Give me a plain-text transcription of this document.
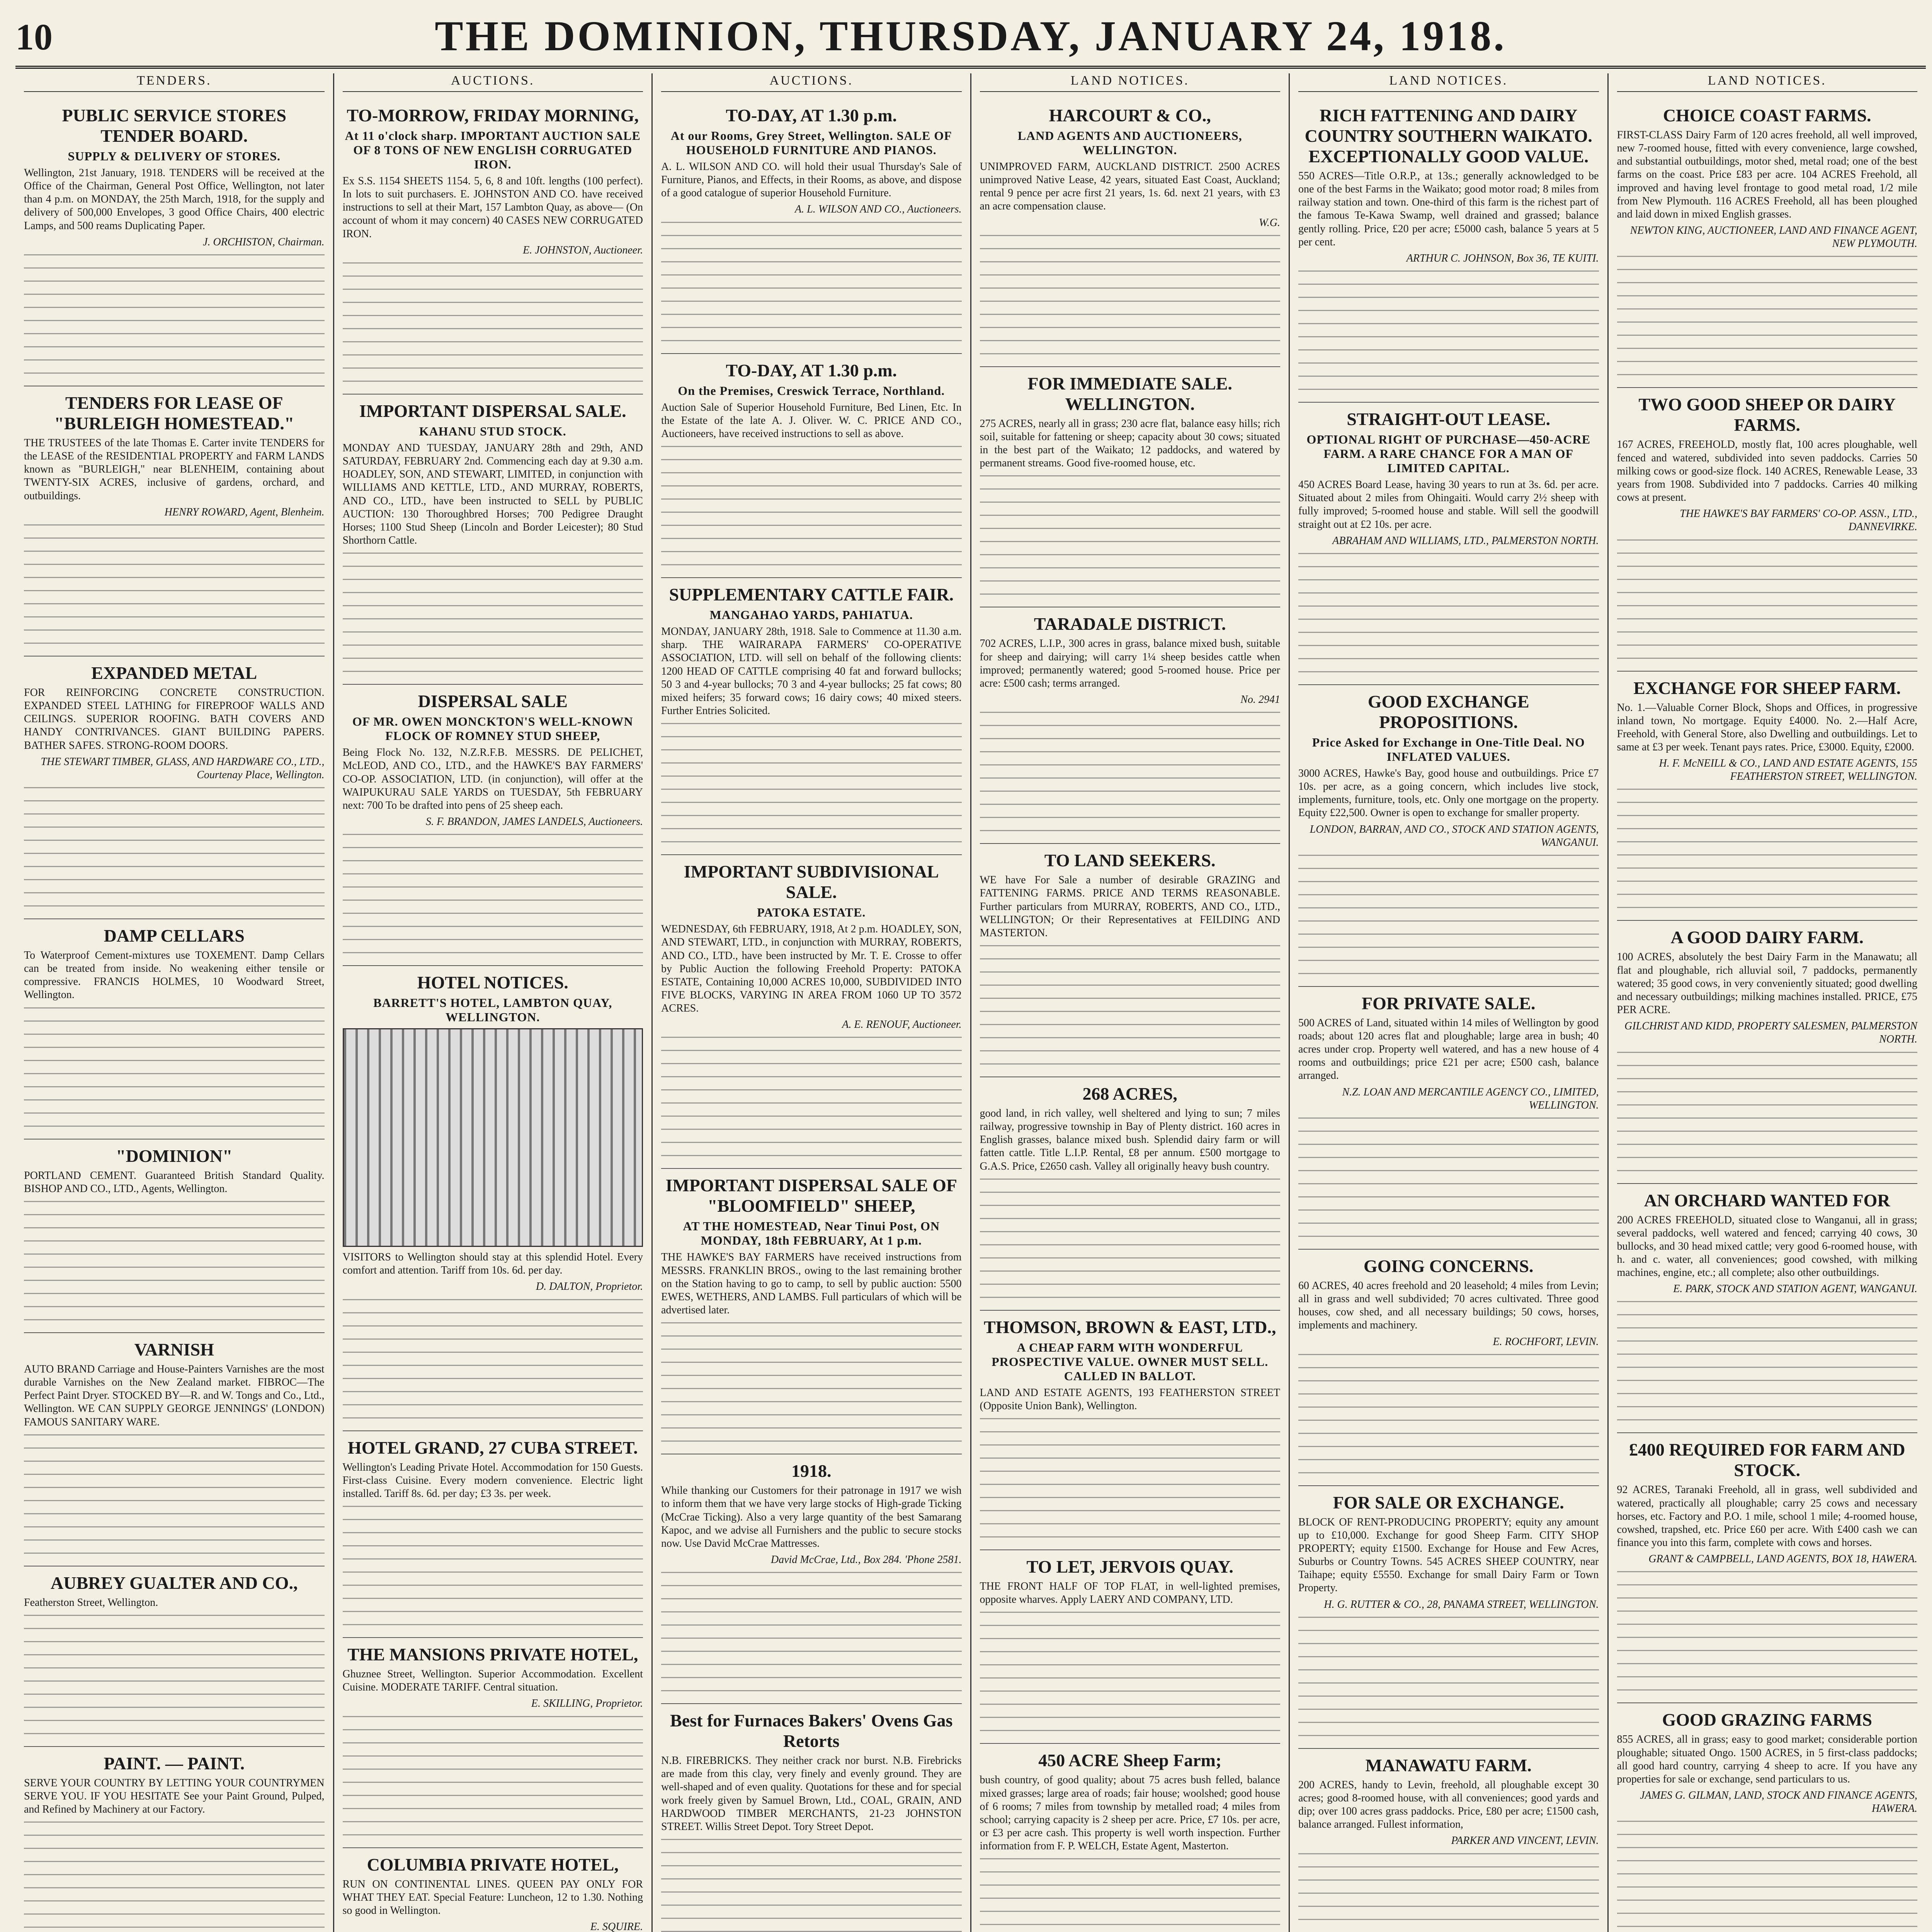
10	THE DOMINION, THURSDAY, JANUARY 24, 1918.
TENDERS.
PUBLIC SERVICE STORES TENDER BOARD.
SUPPLY & DELIVERY OF STORES.

Wellington, 21st January, 1918. TENDERS will be received at the Office of the Chairman, General Post Office, Wellington, not later than 4 p.m. on MONDAY, the 25th March, 1918, for the supply and delivery of 500,000 Envelopes, 3 good Office Chairs, 400 electric Lamps, and 500 reams Duplicating Paper.

J. ORCHISTON, Chairman.

TENDERS FOR LEASE OF "BURLEIGH HOMESTEAD."

THE TRUSTEES of the late Thomas E. Carter invite TENDERS for the LEASE of the RESIDENTIAL PROPERTY and FARM LANDS known as "BURLEIGH," near BLENHEIM, containing about TWENTY-SIX ACRES, inclusive of gardens, orchard, and outbuildings.

HENRY ROWARD, Agent, Blenheim.

EXPANDED METAL

FOR REINFORCING CONCRETE CONSTRUCTION. EXPANDED STEEL LATHING for FIREPROOF WALLS AND CEILINGS. SUPERIOR ROOFING. BATH COVERS AND HANDY CONTRIVANCES. GIANT BUILDING PAPERS. BATHER SAFES. STRONG-ROOM DOORS.

THE STEWART TIMBER, GLASS, AND HARDWARE CO., LTD., Courtenay Place, Wellington.

DAMP CELLARS

To Waterproof Cement-mixtures use TOXEMENT. Damp Cellars can be treated from inside. No weakening either tensile or compressive. FRANCIS HOLMES, 10 Woodward Street, Wellington.

"DOMINION"

PORTLAND CEMENT. Guaranteed British Standard Quality. BISHOP AND CO., LTD., Agents, Wellington.

VARNISH

AUTO BRAND Carriage and House-Painters Varnishes are the most durable Varnishes on the New Zealand market. FIBROC—The Perfect Paint Dryer. STOCKED BY—R. and W. Tongs and Co., Ltd., Wellington. WE CAN SUPPLY GEORGE JENNINGS' (LONDON) FAMOUS SANITARY WARE.

AUBREY GUALTER AND CO.,

Featherston Street, Wellington.

PAINT. — PAINT.

SERVE YOUR COUNTRY BY LETTING YOUR COUNTRYMEN SERVE YOU. IF YOU HESITATE See your Paint Ground, Pulped, and Refined by Machinery at our Factory.

AUCTIONS.
TO-MORROW, FRIDAY MORNING,
At 11 o'clock sharp. IMPORTANT AUCTION SALE OF 8 TONS OF NEW ENGLISH CORRUGATED IRON.

Ex S.S. 1154 SHEETS 1154. 5, 6, 8 and 10ft. lengths (100 perfect). In lots to suit purchasers. E. JOHNSTON AND CO. have received instructions to sell at their Mart, 157 Lambton Quay, as above— (On account of whom it may concern) 40 CASES NEW CORRUGATED IRON.

E. JOHNSTON, Auctioneer.

IMPORTANT DISPERSAL SALE.
KAHANU STUD STOCK.

MONDAY AND TUESDAY, JANUARY 28th and 29th, AND SATURDAY, FEBRUARY 2nd. Commencing each day at 9.30 a.m. HOADLEY, SON, AND STEWART, LIMITED, in conjunction with WILLIAMS AND KETTLE, LTD., AND MURRAY, ROBERTS, AND CO., LTD., have been instructed to SELL by PUBLIC AUCTION: 130 Thoroughbred Horses; 700 Pedigree Draught Horses; 1100 Stud Sheep (Lincoln and Border Leicester); 80 Stud Shorthorn Cattle.

DISPERSAL SALE
OF MR. OWEN MONCKTON'S WELL-KNOWN FLOCK OF ROMNEY STUD SHEEP,

Being Flock No. 132, N.Z.R.F.B. MESSRS. DE PELICHET, McLEOD, AND CO., LTD., and the HAWKE'S BAY FARMERS' CO-OP. ASSOCIATION, LTD. (in conjunction), will offer at the WAIPUKURAU SALE YARDS on TUESDAY, 5th FEBRUARY next: 700 To be drafted into pens of 25 sheep each.

S. F. BRANDON, JAMES LANDELS, Auctioneers.

HOTEL NOTICES.
BARRETT'S HOTEL, LAMBTON QUAY, WELLINGTON.

VISITORS to Wellington should stay at this splendid Hotel. Every comfort and attention. Tariff from 10s. 6d. per day.

D. DALTON, Proprietor.

HOTEL GRAND, 27 CUBA STREET.

Wellington's Leading Private Hotel. Accommodation for 150 Guests. First-class Cuisine. Every modern convenience. Electric light installed. Tariff 8s. 6d. per day; £3 3s. per week.

THE MANSIONS PRIVATE HOTEL,

Ghuznee Street, Wellington. Superior Accommodation. Excellent Cuisine. MODERATE TARIFF. Central situation.

E. SKILLING, Proprietor.

COLUMBIA PRIVATE HOTEL,

RUN ON CONTINENTAL LINES. QUEEN PAY ONLY FOR WHAT THEY EAT. Special Feature: Luncheon, 12 to 1.30. Nothing so good in Wellington.

E. SQUIRE.

AUCTIONS.
TO-DAY, AT 1.30 p.m.
At our Rooms, Grey Street, Wellington. SALE OF HOUSEHOLD FURNITURE AND PIANOS.

A. L. WILSON AND CO. will hold their usual Thursday's Sale of Furniture, Pianos, and Effects, in their Rooms, as above, and dispose of a good catalogue of superior Household Furniture.

A. L. WILSON AND CO., Auctioneers.

TO-DAY, AT 1.30 p.m.
On the Premises, Creswick Terrace, Northland.

Auction Sale of Superior Household Furniture, Bed Linen, Etc. In the Estate of the late A. J. Oliver. W. C. PRICE AND CO., Auctioneers, have received instructions to sell as above.

SUPPLEMENTARY CATTLE FAIR.
MANGAHAO YARDS, PAHIATUA.

MONDAY, JANUARY 28th, 1918. Sale to Commence at 11.30 a.m. sharp. THE WAIRARAPA FARMERS' CO-OPERATIVE ASSOCIATION, LTD. will sell on behalf of the following clients: 1200 HEAD OF CATTLE comprising 40 fat and forward bullocks; 50 3 and 4-year bullocks; 70 3 and 4-year bullocks; 25 fat cows; 80 mixed heifers; 35 forward cows; 16 dairy cows; 40 mixed steers. Further Entries Solicited.

IMPORTANT SUBDIVISIONAL SALE.
PATOKA ESTATE.

WEDNESDAY, 6th FEBRUARY, 1918, At 2 p.m. HOADLEY, SON, AND STEWART, LTD., in conjunction with MURRAY, ROBERTS, AND CO., LTD., have been instructed by Mr. T. E. Crosse to offer by Public Auction the following Freehold Property: PATOKA ESTATE, Containing 10,000 ACRES 10,000, SUBDIVIDED INTO FIVE BLOCKS, VARYING IN AREA FROM 1060 UP TO 3572 ACRES.

A. E. RENOUF, Auctioneer.

IMPORTANT DISPERSAL SALE OF "BLOOMFIELD" SHEEP,
AT THE HOMESTEAD, Near Tinui Post, ON MONDAY, 18th FEBRUARY, At 1 p.m.

THE HAWKE'S BAY FARMERS have received instructions from MESSRS. FRANKLIN BROS., owing to the last remaining brother on the Station having to go to camp, to sell by public auction: 5500 EWES, WETHERS, AND LAMBS. Full particulars of which will be advertised later.

1918.

While thanking our Customers for their patronage in 1917 we wish to inform them that we have very large stocks of High-grade Ticking (McCrae Ticking). Also a very large quantity of the best Samarang Kapoc, and we advise all Furnishers and the public to secure stocks now. Use David McCrae Mattresses.

David McCrae, Ltd., Box 284. 'Phone 2581.

Best for Furnaces Bakers' Ovens Gas Retorts

N.B. FIREBRICKS. They neither crack nor burst. N.B. Firebricks are made from this clay, very finely and evenly ground. They are well-shaped and of even quality. Quotations for these and for special work freely given by Samuel Brown, Ltd., COAL, GRAIN, AND HARDWOOD TIMBER MERCHANTS, 21-23 JOHNSTON STREET. Willis Street Depot. Tory Street Depot.

LAND NOTICES.
HARCOURT & CO.,
LAND AGENTS AND AUCTIONEERS, WELLINGTON.

UNIMPROVED FARM, AUCKLAND DISTRICT. 2500 ACRES unimproved Native Lease, 42 years, situated East Coast, Auckland; rental 9 pence per acre first 21 years, 1s. 6d. next 21 years, with £3 an acre compensation clause.

W.G.

FOR IMMEDIATE SALE. WELLINGTON.

275 ACRES, nearly all in grass; 230 acre flat, balance easy hills; rich soil, suitable for fattening or sheep; capacity about 30 cows; situated in the best part of the Waikato; 12 paddocks, and watered by permanent streams. Good five-roomed house, etc.

TARADALE DISTRICT.

702 ACRES, L.I.P., 300 acres in grass, balance mixed bush, suitable for sheep and dairying; will carry 1¼ sheep besides cattle when improved; permanently watered; good 5-roomed house. Price per acre: £500 cash; terms arranged.

No. 2941

TO LAND SEEKERS.

WE have For Sale a number of desirable GRAZING and FATTENING FARMS. PRICE AND TERMS REASONABLE. Further particulars from MURRAY, ROBERTS, AND CO., LTD., WELLINGTON; Or their Representatives at FEILDING AND MASTERTON.

268 ACRES,

good land, in rich valley, well sheltered and lying to sun; 7 miles railway, progressive township in Bay of Plenty district. 160 acres in English grasses, balance mixed bush. Splendid dairy farm or will fatten cattle. Title L.I.P. Rental, £8 per annum. £500 mortgage to G.A.S. Price, £2650 cash. Valley all originally heavy bush country.

THOMSON, BROWN & EAST, LTD.,
A CHEAP FARM WITH WONDERFUL PROSPECTIVE VALUE. OWNER MUST SELL. CALLED IN BALLOT.

LAND AND ESTATE AGENTS, 193 FEATHERSTON STREET (Opposite Union Bank), Wellington.

TO LET, JERVOIS QUAY.

THE FRONT HALF OF TOP FLAT, in well-lighted premises, opposite wharves. Apply LAERY AND COMPANY, LTD.

450 ACRE Sheep Farm;

bush country, of good quality; about 75 acres bush felled, balance mixed grasses; large area of roads; fair house; woolshed; good house of 6 rooms; 7 miles from township by metalled road; 4 miles from school; carrying capacity is 2 sheep per acre. Price, £7 10s. per acre, or £3 per acre cash. This property is well worth inspection. Further information from F. P. WELCH, Estate Agent, Masterton.

LAND NOTICES.
RICH FATTENING AND DAIRY COUNTRY SOUTHERN WAIKATO. EXCEPTIONALLY GOOD VALUE.

550 ACRES—Title O.R.P., at 13s.; generally acknowledged to be one of the best Farms in the Waikato; good motor road; 8 miles from railway station and town. One-third of this farm is the richest part of the famous Te-Kawa Swamp, well drained and grassed; balance gently rolling. Price, £20 per acre; £5000 cash, balance 5 years at 5 per cent.

ARTHUR C. JOHNSON, Box 36, TE KUITI.

STRAIGHT-OUT LEASE.
OPTIONAL RIGHT OF PURCHASE—450-ACRE FARM. A RARE CHANCE FOR A MAN OF LIMITED CAPITAL.

450 ACRES Board Lease, having 30 years to run at 3s. 6d. per acre. Situated about 2 miles from Ohingaiti. Would carry 2½ sheep with fully improved; 5-roomed house and stable. Will sell the goodwill straight out at £2 10s. per acre.

ABRAHAM AND WILLIAMS, LTD., PALMERSTON NORTH.

GOOD EXCHANGE PROPOSITIONS.
Price Asked for Exchange in One-Title Deal. NO INFLATED VALUES.

3000 ACRES, Hawke's Bay, good house and outbuildings. Price £7 10s. per acre, as a going concern, which includes live stock, implements, furniture, tools, etc. Only one mortgage on the property. Equity £22,500. Owner is open to exchange for smaller property.

LONDON, BARRAN, AND CO., STOCK AND STATION AGENTS, WANGANUI.

FOR PRIVATE SALE.

500 ACRES of Land, situated within 14 miles of Wellington by good roads; about 120 acres flat and ploughable; large area in bush; 40 acres under crop. Property well watered, and has a new house of 4 rooms and outbuildings; price £21 per acre; £500 cash, balance arranged.

N.Z. LOAN AND MERCANTILE AGENCY CO., LIMITED, WELLINGTON.

GOING CONCERNS.

60 ACRES, 40 acres freehold and 20 leasehold; 4 miles from Levin; all in grass and well subdivided; 70 acres cultivated. Three good houses, cow shed, and all necessary buildings; 50 cows, horses, implements and machinery.

E. ROCHFORT, LEVIN.

FOR SALE OR EXCHANGE.

BLOCK OF RENT-PRODUCING PROPERTY; equity any amount up to £10,000. Exchange for good Sheep Farm. CITY SHOP PROPERTY; equity £1500. Exchange for House and Few Acres, Suburbs or Country Towns. 545 ACRES SHEEP COUNTRY, near Taihape; equity £5550. Exchange for small Dairy Farm or Town Property.

H. G. RUTTER & CO., 28, PANAMA STREET, WELLINGTON.

MANAWATU FARM.

200 ACRES, handy to Levin, freehold, all ploughable except 30 acres; good 8-roomed house, with all conveniences; good yards and dip; over 100 acres grass paddocks. Price, £80 per acre; £1500 cash, balance arranged. Fullest information,

PARKER AND VINCENT, LEVIN.

LAND NOTICES.
CHOICE COAST FARMS.

FIRST-CLASS Dairy Farm of 120 acres freehold, all well improved, new 7-roomed house, fitted with every convenience, large cowshed, and substantial outbuildings, motor shed, metal road; one of the best farms on the coast. Price £83 per acre. 104 ACRES Freehold, all improved and having level frontage to good metal road, 1/2 mile from New Plymouth. 116 ACRES Freehold, all has been ploughed and laid down in mixed English grasses.

NEWTON KING, AUCTIONEER, LAND AND FINANCE AGENT, NEW PLYMOUTH.

TWO GOOD SHEEP OR DAIRY FARMS.

167 ACRES, FREEHOLD, mostly flat, 100 acres ploughable, well fenced and watered, subdivided into seven paddocks. Carries 50 milking cows or good-size flock. 140 ACRES, Renewable Lease, 33 years from 1908. Subdivided into 7 paddocks. Carries 40 milking cows at present.

THE HAWKE'S BAY FARMERS' CO-OP. ASSN., LTD., DANNEVIRKE.

EXCHANGE FOR SHEEP FARM.

No. 1.—Valuable Corner Block, Shops and Offices, in progressive inland town, No mortgage. Equity £4000. No. 2.—Half Acre, Freehold, with General Store, also Dwelling and outbuildings. Let to same at £3 per week. Tenant pays rates. Price, £3000. Equity, £2000.

H. F. McNEILL & CO., LAND AND ESTATE AGENTS, 155 FEATHERSTON STREET, WELLINGTON.

A GOOD DAIRY FARM.

100 ACRES, absolutely the best Dairy Farm in the Manawatu; all flat and ploughable, rich alluvial soil, 7 paddocks, permanently watered; 35 good cows, in very conveniently situated; good dwelling and necessary outbuildings; milking machines installed. PRICE, £75 PER ACRE.

GILCHRIST AND KIDD, PROPERTY SALESMEN, PALMERSTON NORTH.

AN ORCHARD WANTED FOR

200 ACRES FREEHOLD, situated close to Wanganui, all in grass; several paddocks, well watered and fenced; carrying 40 cows, 30 bullocks, and 30 head mixed cattle; very good 6-roomed house, with h. and c. water, all conveniences; good cowshed, with milking machines, engine, etc.; all complete; also other outbuildings.

E. PARK, STOCK AND STATION AGENT, WANGANUI.

£400 REQUIRED FOR FARM AND STOCK.

92 ACRES, Taranaki Freehold, all in grass, well subdivided and watered, practically all ploughable; carry 25 cows and necessary horses, etc. Factory and P.O. 1 mile, school 1 mile; 4-roomed house, cowshed, trapshed, etc. Price £60 per acre. With £400 cash we can finance you into this farm, complete with cows and horses.

GRANT & CAMPBELL, LAND AGENTS, BOX 18, HAWERA.

GOOD GRAZING FARMS

855 ACRES, all in grass; easy to good market; considerable portion ploughable; situated Ongo. 1500 ACRES, in 5 first-class paddocks; all good hard country, carrying 4 sheep to acre. If you have any properties for sale or exchange, send particulars to us.

JAMES G. GILMAN, LAND, STOCK AND FINANCE AGENTS, HAWERA.
